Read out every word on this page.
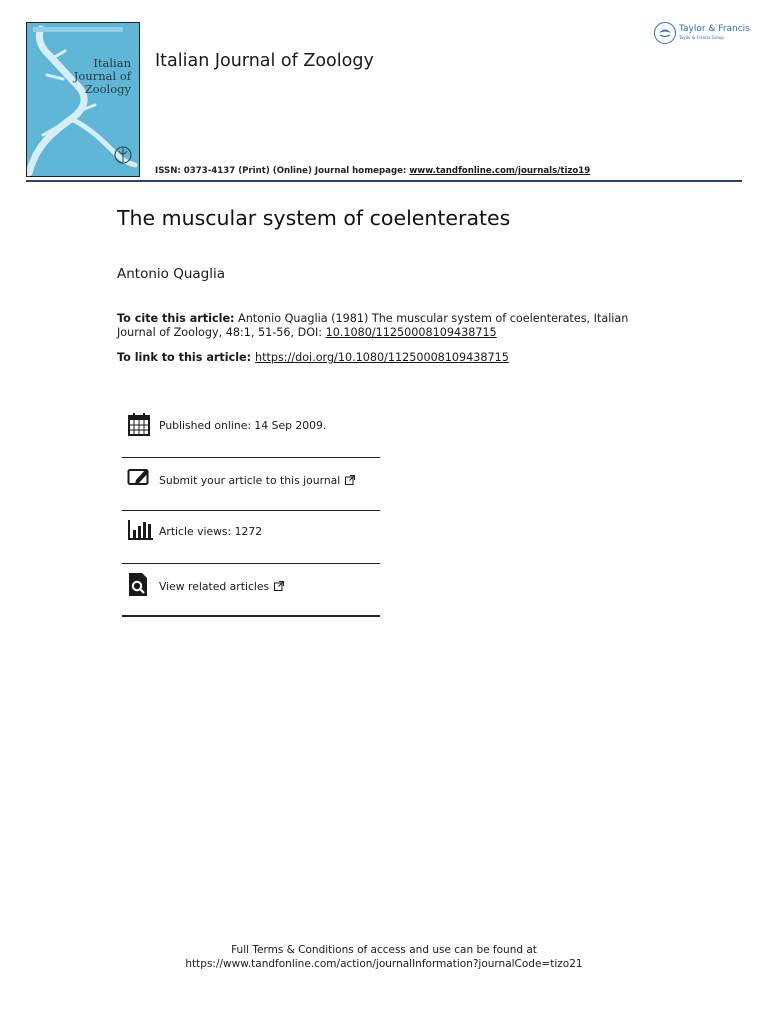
Italian Journal of Zoology
Italian Journal of Zoology
ISSN: 0373-4137 (Print) (Online) Journal homepage: www.tandfonline.com/journals/tizo19
Taylor & Francis
Taylor & Francis Group
The muscular system of coelenterates
Antonio Quaglia
To cite this article: Antonio Quaglia (1981) The muscular system of coelenterates, Italian Journal of Zoology, 48:1, 51-56, DOI: 10.1080/11250008109438715
To link to this article: https://doi.org/10.1080/11250008109438715
Published online: 14 Sep 2009.
Submit your article to this journal
Article views: 1272
View related articles
Full Terms & Conditions of access and use can be found at
https://www.tandfonline.com/action/journalInformation?journalCode=tizo21
